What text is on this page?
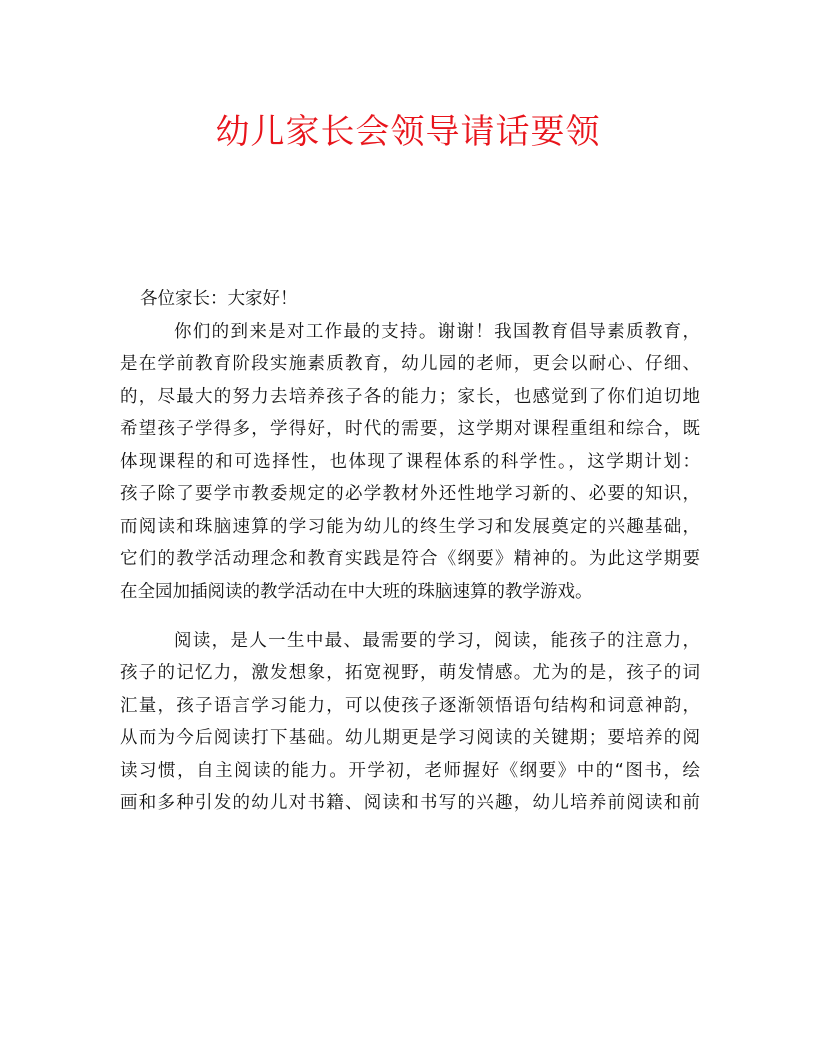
幼儿家长会领导请话要领

各位家长：大家好！

你们的到来是对工作最的支持。谢谢！我国教育倡导素质教育，

是在学前教育阶段实施素质教育，幼儿园的老师，更会以耐心、仔细、

的，尽最大的努力去培养孩子各的能力；家长，也感觉到了你们迫切地

希望孩子学得多，学得好，时代的需要，这学期对课程重组和综合，既

体现课程的和可选择性，也体现了课程体系的科学性。，这学期计划：

孩子除了要学市教委规定的必学教材外还性地学习新的、必要的知识，

而阅读和珠脑速算的学习能为幼儿的终生学习和发展奠定的兴趣基础，

它们的教学活动理念和教育实践是符合《纲要》精神的。为此这学期要

在全园加插阅读的教学活动在中大班的珠脑速算的教学游戏。

阅读，是人一生中最、最需要的学习，阅读，能孩子的注意力，

孩子的记忆力，激发想象，拓宽视野，萌发情感。尤为的是，孩子的词

汇量，孩子语言学习能力，可以使孩子逐渐领悟语句结构和词意神韵，

从而为今后阅读打下基础。幼儿期更是学习阅读的关键期；要培养的阅

读习惯，自主阅读的能力。开学初，老师握好《纲要》中的“图书，绘

画和多种引发的幼儿对书籍、阅读和书写的兴趣，幼儿培养前阅读和前
